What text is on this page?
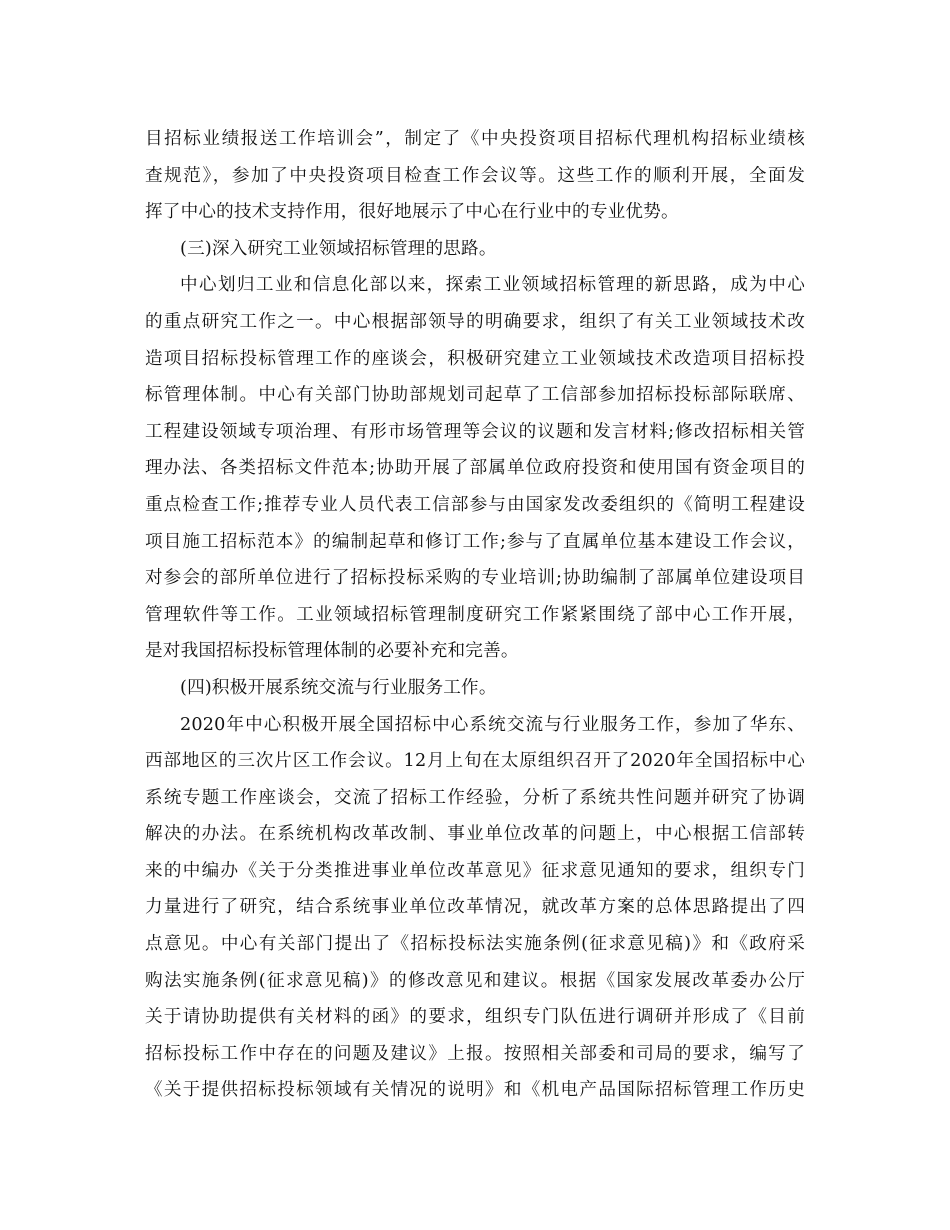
目招标业绩报送工作培训会”，制定了《中央投资项目招标代理机构招标业绩核
查规范》，参加了中央投资项目检查工作会议等。这些工作的顺利开展，全面发
挥了中心的技术支持作用，很好地展示了中心在行业中的专业优势。
(三)深入研究工业领域招标管理的思路。
中心划归工业和信息化部以来，探索工业领域招标管理的新思路，成为中心
的重点研究工作之一。中心根据部领导的明确要求，组织了有关工业领域技术改
造项目招标投标管理工作的座谈会，积极研究建立工业领域技术改造项目招标投
标管理体制。中心有关部门协助部规划司起草了工信部参加招标投标部际联席、
工程建设领域专项治理、有形市场管理等会议的议题和发言材料;修改招标相关管
理办法、各类招标文件范本;协助开展了部属单位政府投资和使用国有资金项目的
重点检查工作;推荐专业人员代表工信部参与由国家发改委组织的《简明工程建设
项目施工招标范本》的编制起草和修订工作;参与了直属单位基本建设工作会议，
对参会的部所单位进行了招标投标采购的专业培训;协助编制了部属单位建设项目
管理软件等工作。工业领域招标管理制度研究工作紧紧围绕了部中心工作开展，
是对我国招标投标管理体制的必要补充和完善。
(四)积极开展系统交流与行业服务工作。
2020年中心积极开展全国招标中心系统交流与行业服务工作，参加了华东、
西部地区的三次片区工作会议。12月上旬在太原组织召开了2020年全国招标中心
系统专题工作座谈会，交流了招标工作经验，分析了系统共性问题并研究了协调
解决的办法。在系统机构改革改制、事业单位改革的问题上，中心根据工信部转
来的中编办《关于分类推进事业单位改革意见》征求意见通知的要求，组织专门
力量进行了研究，结合系统事业单位改革情况，就改革方案的总体思路提出了四
点意见。中心有关部门提出了《招标投标法实施条例(征求意见稿)》和《政府采
购法实施条例(征求意见稿)》的修改意见和建议。根据《国家发展改革委办公厅
关于请协助提供有关材料的函》的要求，组织专门队伍进行调研并形成了《目前
招标投标工作中存在的问题及建议》上报。按照相关部委和司局的要求，编写了
《关于提供招标投标领域有关情况的说明》和《机电产品国际招标管理工作历史
